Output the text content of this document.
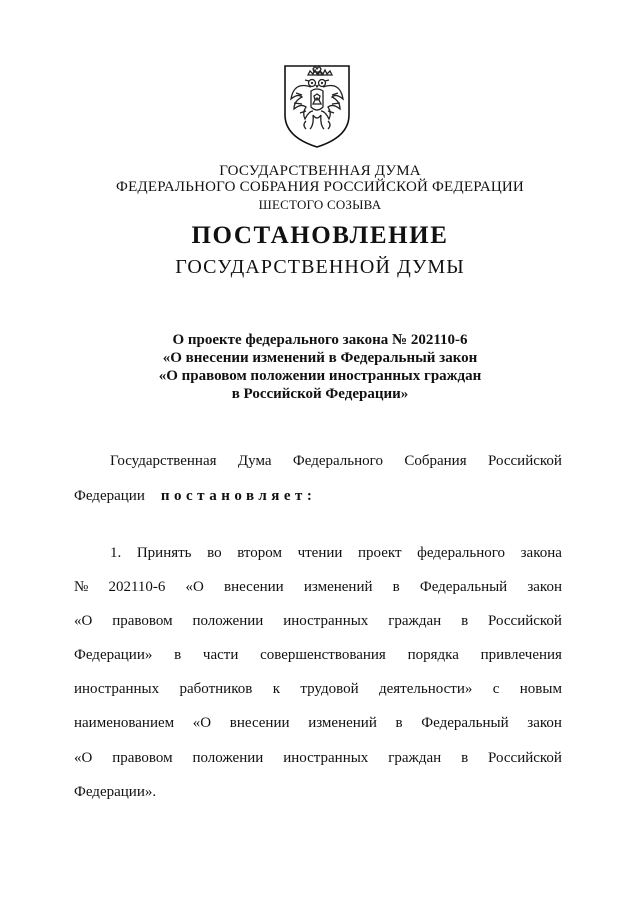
ГОСУДАРСТВЕННАЯ ДУМА
ФЕДЕРАЛЬНОГО СОБРАНИЯ РОССИЙСКОЙ ФЕДЕРАЦИИ
ШЕСТОГО СОЗЫВА
ПОСТАНОВЛЕНИЕ
ГОСУДАРСТВЕННОЙ ДУМЫ
О проекте федерального закона № 202110-6
«О внесении изменений в Федеральный закон
«О правовом положении иностранных граждан
в Российской Федерации»
Государственная Дума Федерального Собрания Российской
Федерации постановляет:
1. Принять во втором чтении проект федерального закона
№ 202110-6 «О внесении изменений в Федеральный закон
«О правовом положении иностранных граждан в Российской
Федерации» в части совершенствования порядка привлечения
иностранных работников к трудовой деятельности» с новым
наименованием «О внесении изменений в Федеральный закон
«О правовом положении иностранных граждан в Российской
Федерации».
